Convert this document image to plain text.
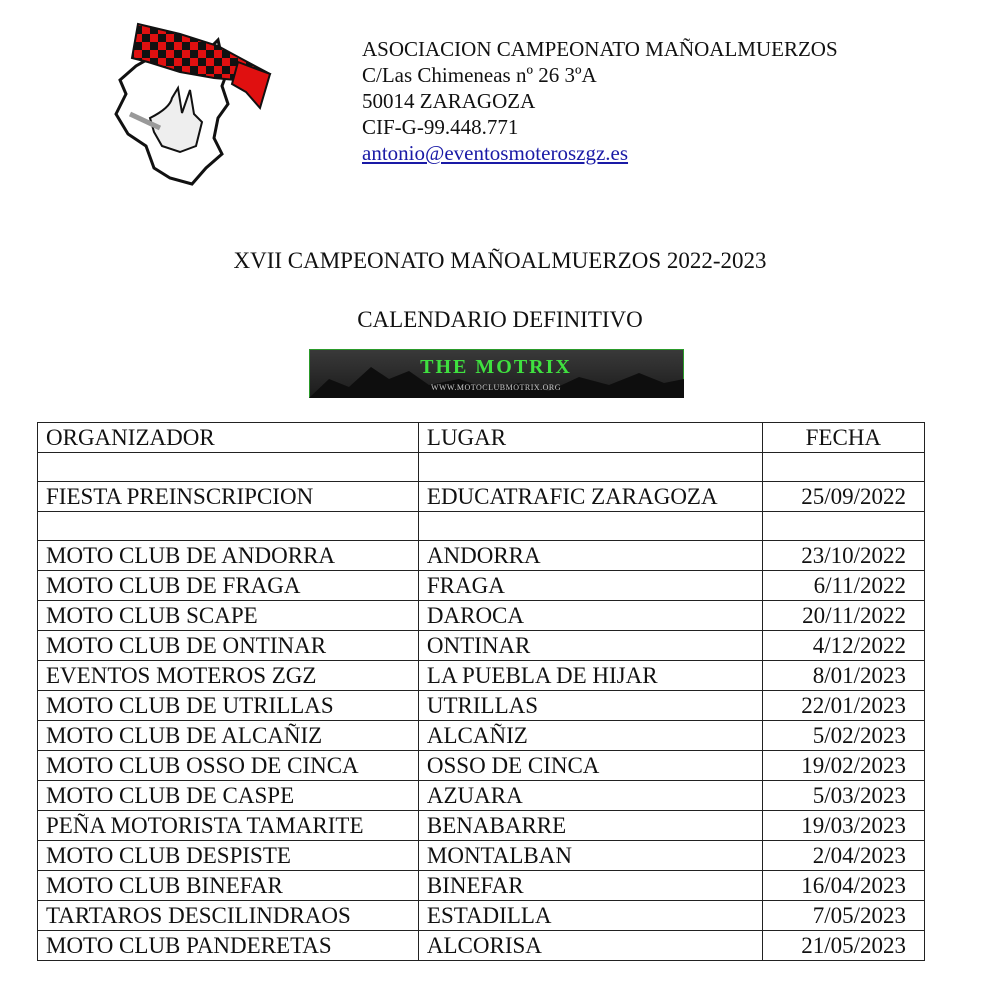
ASOCIACION CAMPEONATO MAÑOALMUERZOS
C/Las Chimeneas nº 26 3ºA
50014 ZARAGOZA
CIF-G-99.448.771
antonio@eventosmoteroszgz.es
XVII CAMPEONATO MAÑOALMUERZOS 2022-2023
CALENDARIO DEFINITIVO
THE MOTRIX
WWW.MOTOCLUBMOTRIX.ORG
ORGANIZADOR	LUGAR	FECHA

FIESTA PREINSCRIPCION	EDUCATRAFIC ZARAGOZA	25/09/2022

MOTO CLUB DE ANDORRA	ANDORRA	23/10/2022
MOTO CLUB DE FRAGA	FRAGA	6/11/2022
MOTO CLUB SCAPE	DAROCA	20/11/2022
MOTO CLUB DE ONTINAR	ONTINAR	4/12/2022
EVENTOS MOTEROS ZGZ	LA PUEBLA DE HIJAR	8/01/2023
MOTO CLUB DE UTRILLAS	UTRILLAS	22/01/2023
MOTO CLUB DE ALCAÑIZ	ALCAÑIZ	5/02/2023
MOTO CLUB OSSO DE CINCA	OSSO DE CINCA	19/02/2023
MOTO CLUB DE CASPE	AZUARA	5/03/2023
PEÑA MOTORISTA TAMARITE	BENABARRE	19/03/2023
MOTO CLUB DESPISTE	MONTALBAN	2/04/2023
MOTO CLUB BINEFAR	BINEFAR	16/04/2023
TARTAROS DESCILINDRAOS	ESTADILLA	7/05/2023
MOTO CLUB PANDERETAS	ALCORISA	21/05/2023
